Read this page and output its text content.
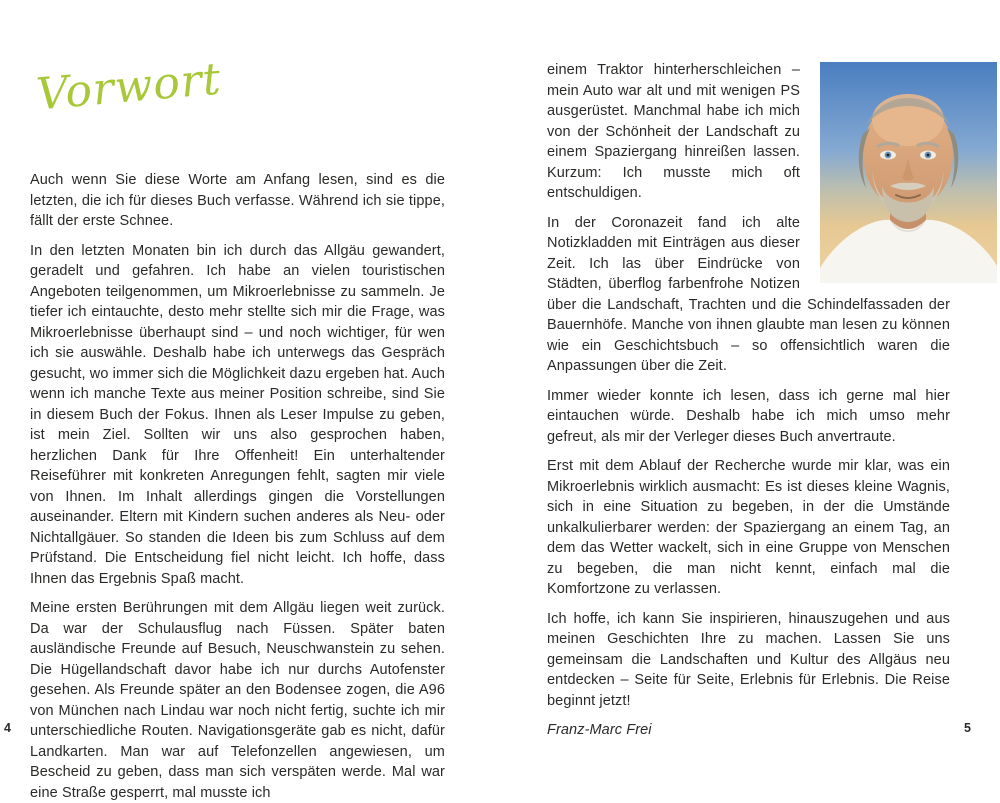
Vorwort

Auch wenn Sie diese Worte am Anfang lesen, sind es die letzten, die ich für dieses Buch verfasse. Während ich sie tippe, fällt der erste Schnee.

In den letzten Monaten bin ich durch das Allgäu gewandert, geradelt und gefahren. Ich habe an vielen touristischen Angeboten teilgenommen, um Mikroerlebnisse zu sammeln. Je tiefer ich eintauchte, desto mehr stellte sich mir die Frage, was Mikroerlebnisse überhaupt sind – und noch wichtiger, für wen ich sie auswähle. Deshalb habe ich unterwegs das Gespräch gesucht, wo immer sich die Möglichkeit dazu ergeben hat. Auch wenn ich manche Texte aus meiner Position schreibe, sind Sie in diesem Buch der Fokus. Ihnen als Leser Impulse zu geben, ist mein Ziel. Sollten wir uns also gesprochen haben, herzlichen Dank für Ihre Offenheit! Ein unterhaltender Reiseführer mit konkreten Anregungen fehlt, sagten mir viele von Ihnen. Im Inhalt allerdings gingen die Vorstellungen auseinander. Eltern mit Kindern suchen anderes als Neu- oder Nichtallgäuer. So standen die Ideen bis zum Schluss auf dem Prüfstand. Die Entscheidung fiel nicht leicht. Ich hoffe, dass Ihnen das Ergebnis Spaß macht.

Meine ersten Berührungen mit dem Allgäu liegen weit zurück. Da war der Schulausflug nach Füssen. Später baten ausländische Freunde auf Besuch, Neuschwanstein zu sehen. Die Hügellandschaft davor habe ich nur durchs Autofenster gesehen. Als Freunde später an den Bodensee zogen, die A96 von München nach Lindau war noch nicht fertig, suchte ich mir unterschiedliche Routen. Navigationsgeräte gab es nicht, dafür Landkarten. Man war auf Telefonzellen angewiesen, um Bescheid zu geben, dass man sich verspäten werde. Mal war eine Straße gesperrt, mal musste ich

einem Traktor hinterherschleichen – mein Auto war alt und mit wenigen PS ausgerüstet. Manchmal habe ich mich von der Schönheit der Landschaft zu einem Spaziergang hinreißen lassen. Kurzum: Ich musste mich oft entschuldigen.

In der Coronazeit fand ich alte Notizkladden mit Einträgen aus dieser Zeit. Ich las über Eindrücke von Städten, überflog farbenfrohe Notizen über die Landschaft, Trachten und die Schindelfassaden der Bauernhöfe. Manche von ihnen glaubte man lesen zu können wie ein Geschichtsbuch – so offensichtlich waren die Anpassungen über die Zeit.

Immer wieder konnte ich lesen, dass ich gerne mal hier eintauchen würde. Deshalb habe ich mich umso mehr gefreut, als mir der Verleger dieses Buch anvertraute.

Erst mit dem Ablauf der Recherche wurde mir klar, was ein Mikroerlebnis wirklich ausmacht: Es ist dieses kleine Wagnis, sich in eine Situation zu begeben, in der die Umstände unkalkulierbarer werden: der Spaziergang an einem Tag, an dem das Wetter wackelt, sich in eine Gruppe von Menschen zu begeben, die man nicht kennt, einfach mal die Komfortzone zu verlassen.

Ich hoffe, ich kann Sie inspirieren, hinauszugehen und aus meinen Geschichten Ihre zu machen. Lassen Sie uns gemeinsam die Landschaften und Kultur des Allgäus neu entdecken – Seite für Seite, Erlebnis für Erlebnis. Die Reise beginnt jetzt!

Franz-Marc Frei

4	5
